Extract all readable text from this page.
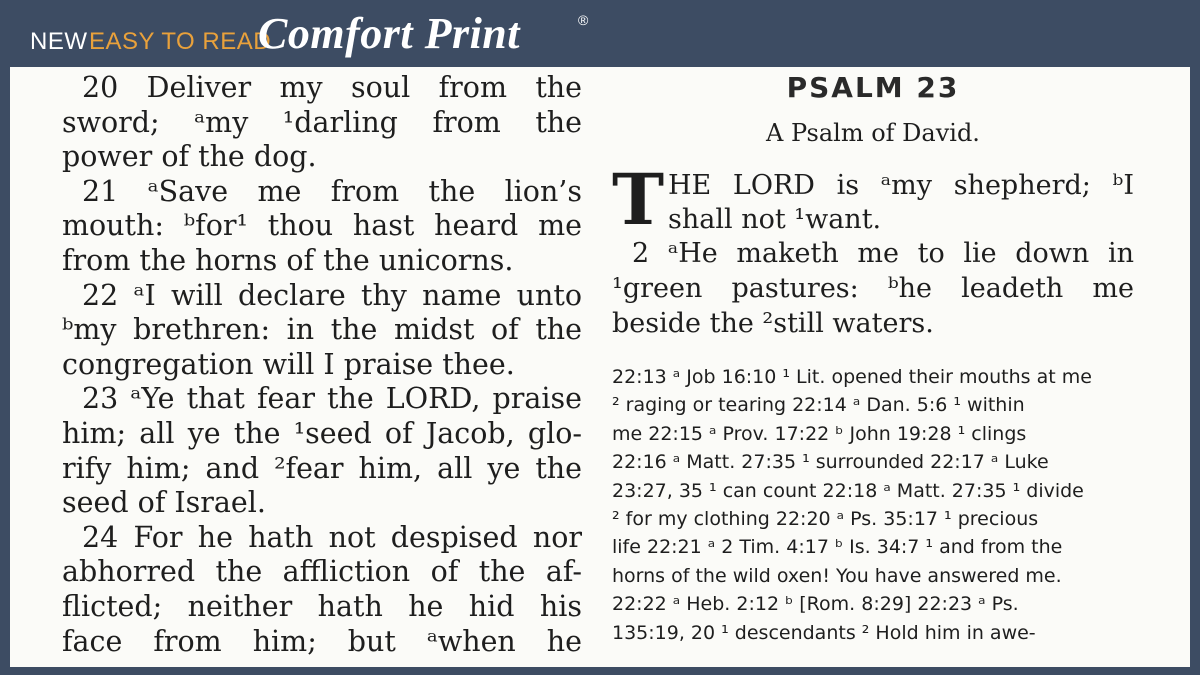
NEW EASY TO READ
Comfort Print	®
20 Deliver my soul from the
sword; ᵃmy ¹darling from the
power of the dog.
21 ᵃSave me from the lion’s
mouth: ᵇfor¹ thou hast heard me
from the horns of the unicorns.
22 ᵃI will declare thy name unto
ᵇmy brethren: in the midst of the
congregation will I praise thee.
23 ᵃYe that fear the LORD, praise
him; all ye the ¹seed of Jacob, glo-
rify him; and ²fear him, all ye the
seed of Israel.
24 For he hath not despised nor
abhorred the affliction of the af-
flicted; neither hath he hid his
face from him; but ᵃwhen he
PSALM 23
A Psalm of David.
T HE LORD is ᵃmy shepherd; ᵇI
shall not ¹want.
2 ᵃHe maketh me to lie down in
¹green pastures: ᵇhe leadeth me
beside the ²still waters.
22:13 ᵃ Job 16:10 ¹ Lit. opened their mouths at me
² raging or tearing 22:14 ᵃ Dan. 5:6 ¹ within
me 22:15 ᵃ Prov. 17:22 ᵇ John 19:28 ¹ clings
22:16 ᵃ Matt. 27:35 ¹ surrounded 22:17 ᵃ Luke
23:27, 35 ¹ can count 22:18 ᵃ Matt. 27:35 ¹ divide
² for my clothing 22:20 ᵃ Ps. 35:17 ¹ precious
life 22:21 ᵃ 2 Tim. 4:17 ᵇ Is. 34:7 ¹ and from the
horns of the wild oxen! You have answered me.
22:22 ᵃ Heb. 2:12 ᵇ [Rom. 8:29] 22:23 ᵃ Ps.
135:19, 20 ¹ descendants ² Hold him in awe-
